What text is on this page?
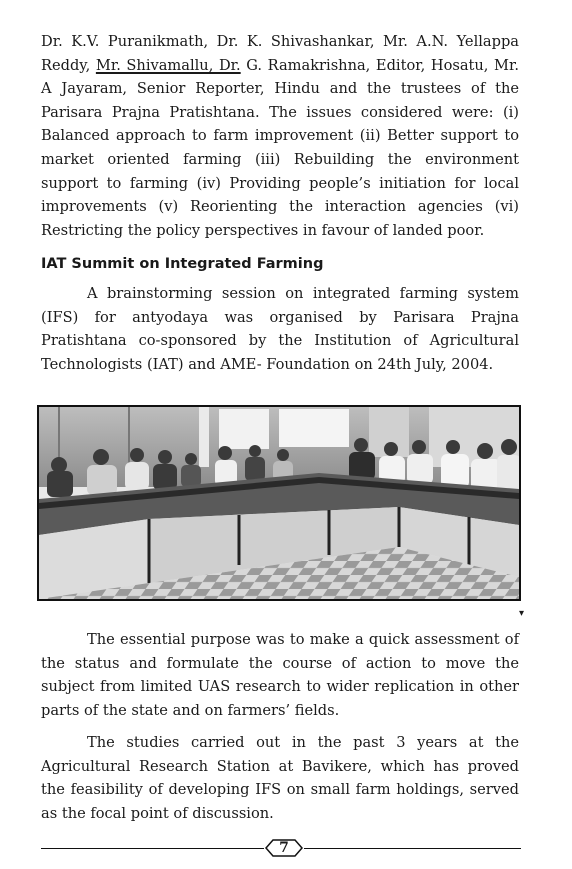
Dr. K.V. Puranikmath, Dr. K. Shivashankar, Mr. A.N. Yellappa Reddy, Mr. Shivamallu, Dr. G. Ramakrishna, Editor, Hosatu, Mr. A Jayaram, Senior Reporter, Hindu and the trustees of the Parisara Prajna Pratishtana. The issues considered were: (i) Balanced approach to farm improvement (ii) Better support to market oriented farming (iii) Rebuilding the environment support to farming (iv) Providing people’s initiation for local improvements (v) Reorienting the interaction agencies (vi) Restricting the policy perspectives in favour of landed poor.

IAT Summit on Integrated Farming

A brainstorming session on integrated farming system (IFS) for antyodaya was organised by Parisara Prajna Pratishtana co-sponsored by the Institution of Agricultural Technologists (IAT) and AME- Foundation on 24th July, 2004.

▾

The essential purpose was to make a quick assessment of the status and formulate the course of action to move the subject from limited UAS research to wider replication in other parts of the state and on farmers’ fields.

The studies carried out in the past 3 years at the Agricultural Research Station at Bavikere, which has proved the feasibility of developing IFS on small farm holdings, served as the focal point of discussion.

7
